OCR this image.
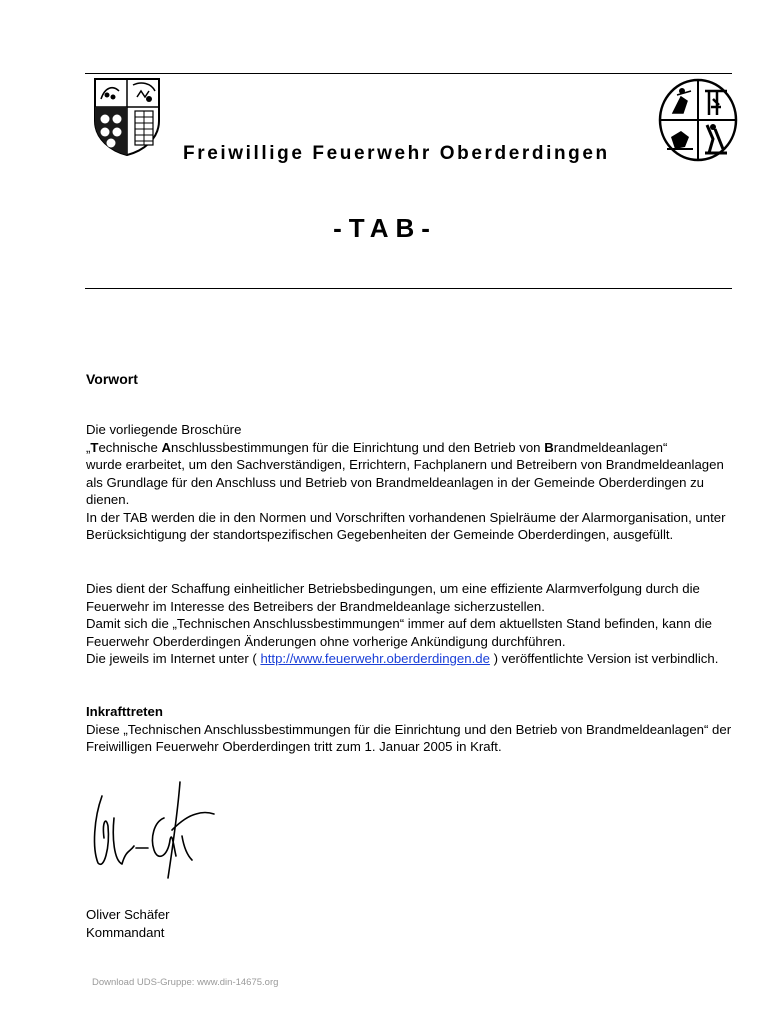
Freiwillige Feuerwehr Oberderdingen
-TAB-
Vorwort
Die vorliegende Broschüre
„Technische Anschlussbestimmungen für die Einrichtung und den Betrieb von Brandmeldeanlagen“
wurde erarbeitet, um den Sachverständigen, Errichtern, Fachplanern und Betreibern von Brandmeldeanlagen als Grundlage für den Anschluss und Betrieb von Brandmeldeanlagen in der Gemeinde Oberderdingen zu dienen.
In der TAB werden die in den Normen und Vorschriften vorhandenen Spielräume der Alarmorganisation, unter Berücksichtigung der standortspezifischen Gegebenheiten der Gemeinde Oberderdingen, ausgefüllt.
Dies dient der Schaffung einheitlicher Betriebsbedingungen, um eine effiziente Alarmverfolgung durch die Feuerwehr im Interesse des Betreibers der Brandmeldeanlage sicherzustellen.
Damit sich die „Technischen Anschlussbestimmungen“ immer auf dem aktuellsten Stand befinden, kann die Feuerwehr Oberderdingen Änderungen ohne vorherige Ankündigung durchführen.
Die jeweils im Internet unter ( http://www.feuerwehr.oberderdingen.de ) veröffentlichte Version ist verbindlich.
Inkrafttreten
Diese „Technischen Anschlussbestimmungen für die Einrichtung und den Betrieb von Brandmeldeanlagen“ der Freiwilligen Feuerwehr Oberderdingen tritt zum 1. Januar 2005 in Kraft.
Oliver Schäfer
Kommandant
Download UDS-Gruppe: www.din-14675.org
